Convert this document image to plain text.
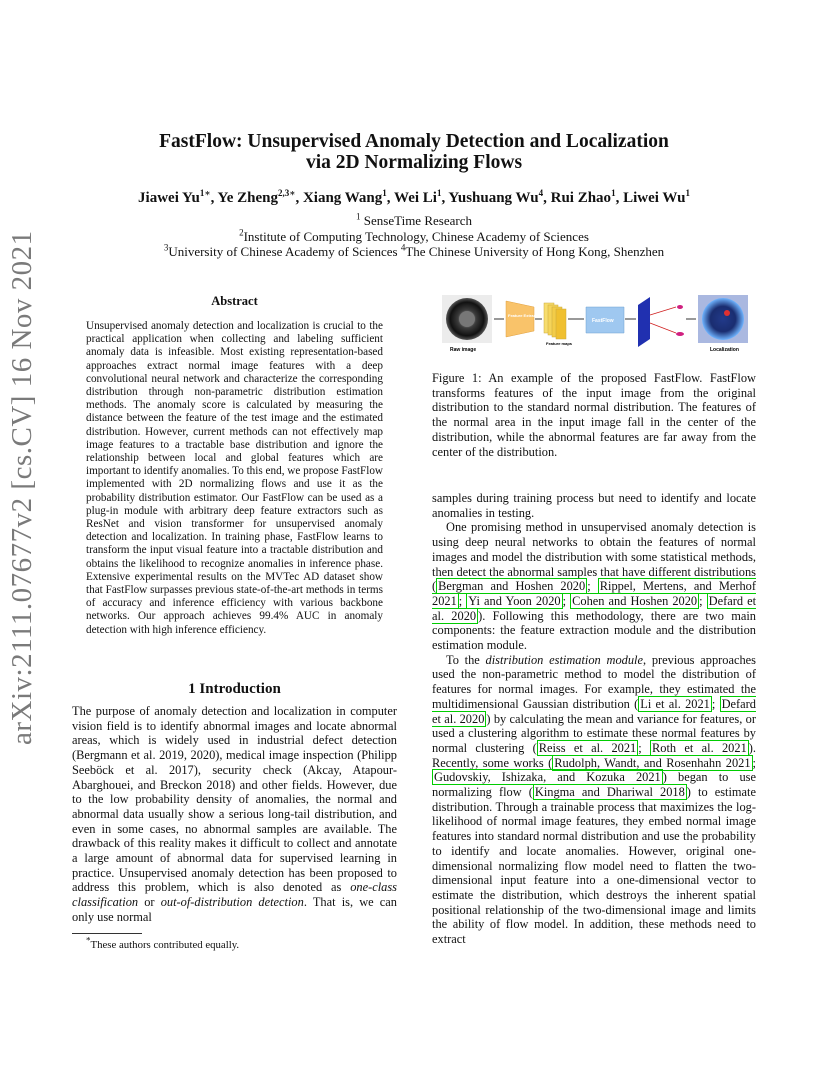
arXiv:2111.07677v2 [cs.CV] 16 Nov 2021
FastFlow: Unsupervised Anomaly Detection and Localization
via 2D Normalizing Flows
Jiawei $Yu^{1∗}$, Ye Zheng$^{2,3∗}$, Xiang Wang$^1$, Wei Li$^1$, Yushuang Wu$^4$, Rui Zhao$^1$, Liwei Wu$^1$
$^1$ SenseTime Research
$^2$Institute of Computing Technology, Chinese Academy of Sciences
$^3$University of Chinese Academy of Sciences $^4$The Chinese University of Hong Kong, Shenzhen
Abstract
Unsupervised anomaly detection and localization is crucial to the practical application when collecting and labeling sufficient anomaly data is infeasible. Most existing representation-based approaches extract normal image features with a deep convolutional neural network and characterize the corresponding distribution through non-parametric distribution estimation methods. The anomaly score is calculated by measuring the distance between the feature of the test image and the estimated distribution. However, current methods can not effectively map image features to a tractable base distribution and ignore the relationship between local and global features which are important to identify anomalies. To this end, we propose FastFlow implemented with 2D normalizing flows and use it as the probability distribution estimator. Our FastFlow can be used as a plug-in module with arbitrary deep feature extractors such as ResNet and vision transformer for unsupervised anomaly detection and localization. In training phase, FastFlow learns to transform the input visual feature into a tractable distribution and obtains the likelihood to recognize anomalies in inference phase. Extensive experimental results on the MVTec AD dataset show that FastFlow surpasses previous state-of-the-art methods in terms of accuracy and inference efficiency with various backbone networks. Our approach achieves 99.4% AUC in anomaly detection with high inference efficiency.
1 Introduction

The purpose of anomaly detection and localization in computer vision field is to identify abnormal images and locate abnormal areas, which is widely used in industrial defect detection (Bergmann et al. 2019, 2020), medical image inspection (Philipp Seeböck et al. 2017), security check (Akcay, Atapour-Abarghouei, and Breckon 2018) and other fields. However, due to the low probability density of anomalies, the normal and abnormal data usually show a serious long-tail distribution, and even in some cases, no abnormal samples are available. The drawback of this reality makes it difficult to collect and annotate a large amount of abnormal data for supervised learning in practice. Unsupervised anomaly detection has been proposed to address this problem, which is also denoted as one-class classification or out-of-distribution detection. That is, we can only use normal

*These authors contributed equally.
Raw image
Feature Extractor
Feature maps
FastFlow
Localization
Figure 1: An example of the proposed FastFlow. FastFlow transforms features of the input image from the original distribution to the standard normal distribution. The features of the normal area in the input image fall in the center of the distribution, while the abnormal features are far away from the center of the distribution.

samples during training process but need to identify and locate anomalies in testing.

One promising method in unsupervised anomaly detection is using deep neural networks to obtain the features of normal images and model the distribution with some statistical methods, then detect the abnormal samples that have different distributions ( Bergman and Hoshen 2020 ; Rippel, Mertens, and Merhof 2021 ; Yi and Yoon 2020 ; Cohen and Hoshen 2020 ; Defard et al. 2020 ). Following this methodology, there are two main components: the feature extraction module and the distribution estimation module.

To the distribution estimation module, previous approaches used the non-parametric method to model the distribution of features for normal images. For example, they estimated the multidimensional Gaussian distribution ( Li et al. 2021 ; Defard et al. 2020 ) by calculating the mean and variance for features, or used a clustering algorithm to estimate these normal features by normal clustering ( Reiss et al. 2021 ; Roth et al. 2021 ). Recently, some works ( Rudolph, Wandt, and Rosenhahn 2021 ; Gudovskiy, Ishizaka, and Kozuka 2021 ) began to use normalizing flow ( Kingma and Dhariwal 2018 ) to estimate distribution. Through a trainable process that maximizes the log-likelihood of normal image features, they embed normal image features into standard normal distribution and use the probability to identify and locate anomalies. However, original one-dimensional normalizing flow model need to flatten the two-dimensional input feature into a one-dimensional vector to estimate the distribution, which destroys the inherent spatial positional relationship of the two-dimensional image and limits the ability of flow model. In addition, these methods need to extract
